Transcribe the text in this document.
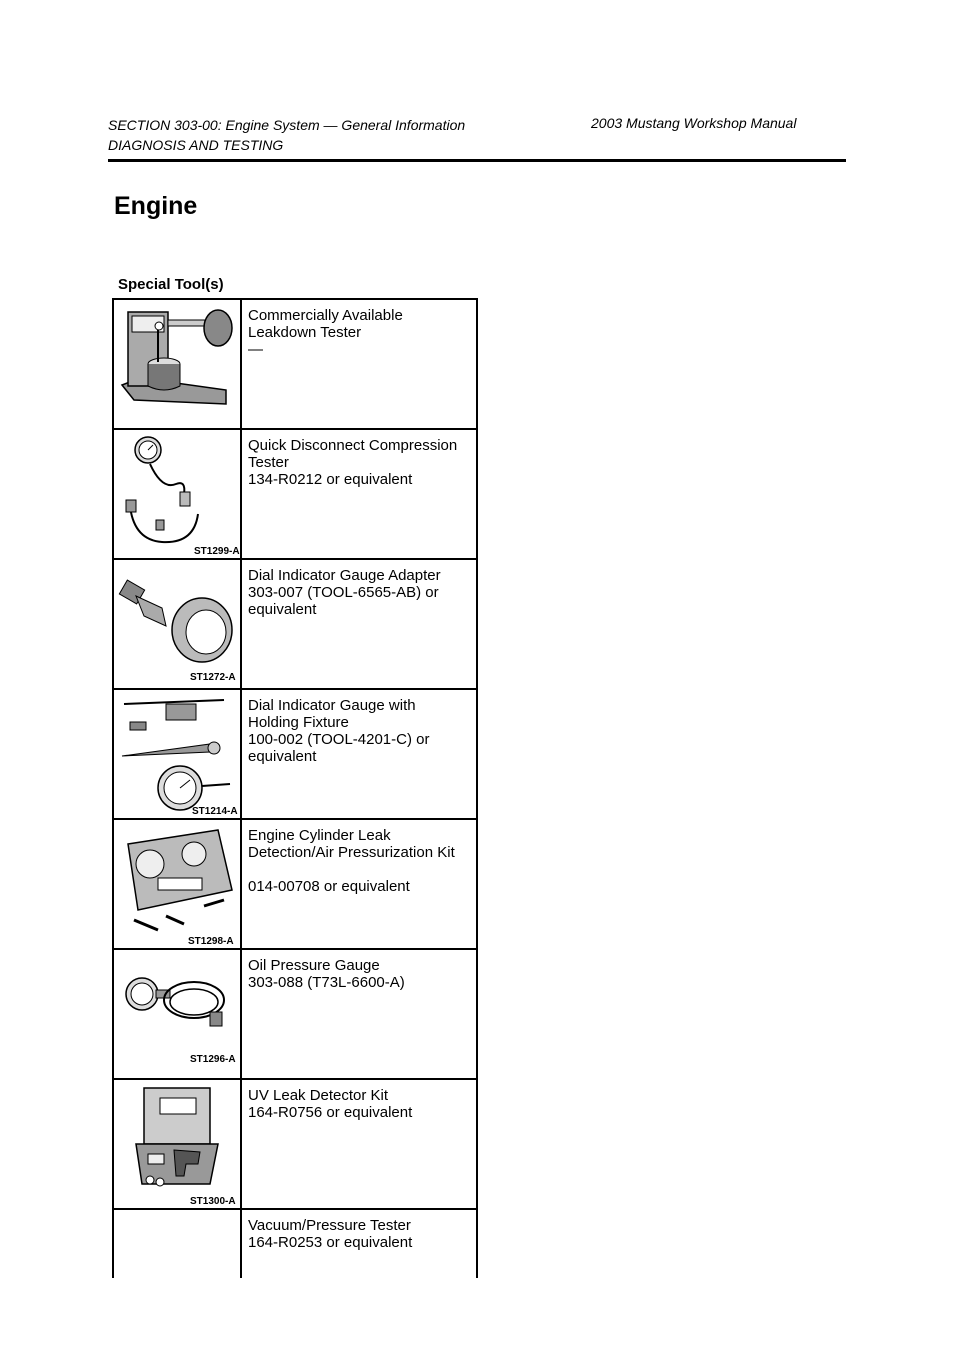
SECTION 303-00: Engine System — General Information
DIAGNOSIS AND TESTING
2003 Mustang Workshop Manual
Engine
Special Tool(s)
Commercially Available
Leakdown Tester
—
ST1299-A
Quick Disconnect Compression
Tester
134-R0212 or equivalent
ST1272-A
Dial Indicator Gauge Adapter
303-007 (TOOL-6565-AB) or
equivalent
ST1214-A
Dial Indicator Gauge with
Holding Fixture
100-002 (TOOL-4201-C) or
equivalent
ST1298-A
Engine Cylinder Leak
Detection/Air Pressurization Kit
014-00708 or equivalent
ST1296-A
Oil Pressure Gauge
303-088 (T73L-6600-A)
ST1300-A
UV Leak Detector Kit
164-R0756 or equivalent
Vacuum/Pressure Tester
164-R0253 or equivalent
